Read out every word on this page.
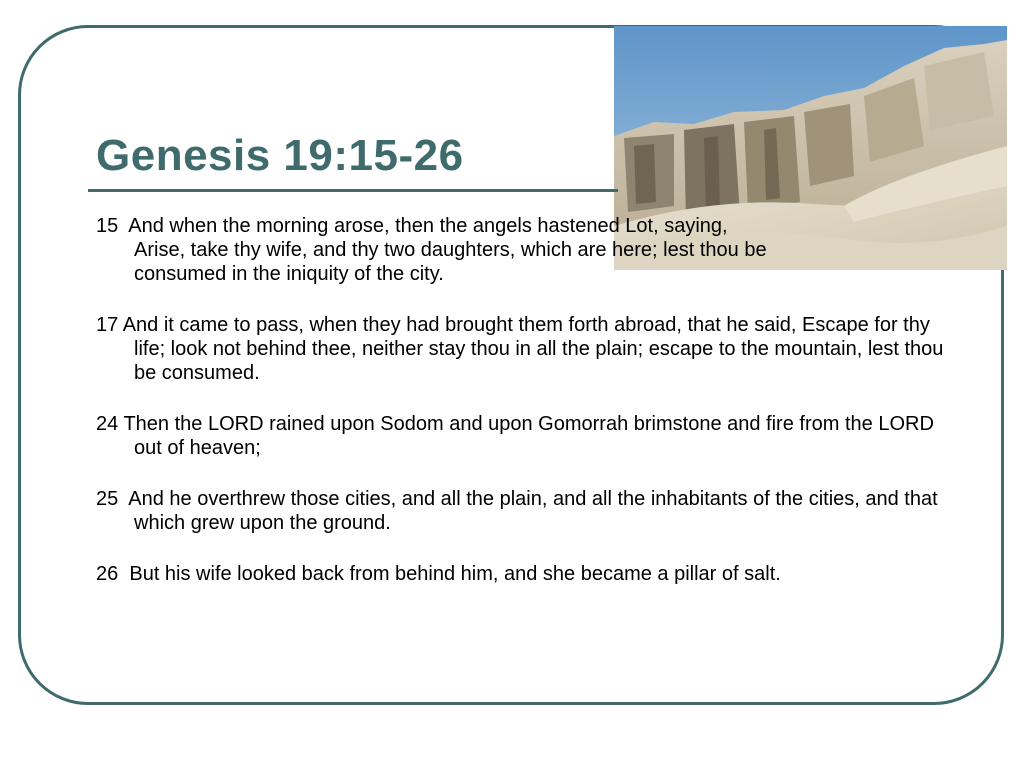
Genesis 19:15-26
15  And when the morning arose, then the angels hastened Lot, saying, Arise, take thy wife, and thy two daughters, which are here; lest thou be consumed in the iniquity of the city.
17 And it came to pass, when they had brought them forth abroad, that he said, Escape for thy life; look not behind thee, neither stay thou in all the plain; escape to the mountain, lest thou be consumed.
24 Then the LORD rained upon Sodom and upon Gomorrah brimstone and fire from the LORD out of heaven;
25  And he overthrew those cities, and all the plain, and all the inhabitants of the cities, and that which grew upon the ground.
26  But his wife looked back from behind him, and she became a pillar of salt.
